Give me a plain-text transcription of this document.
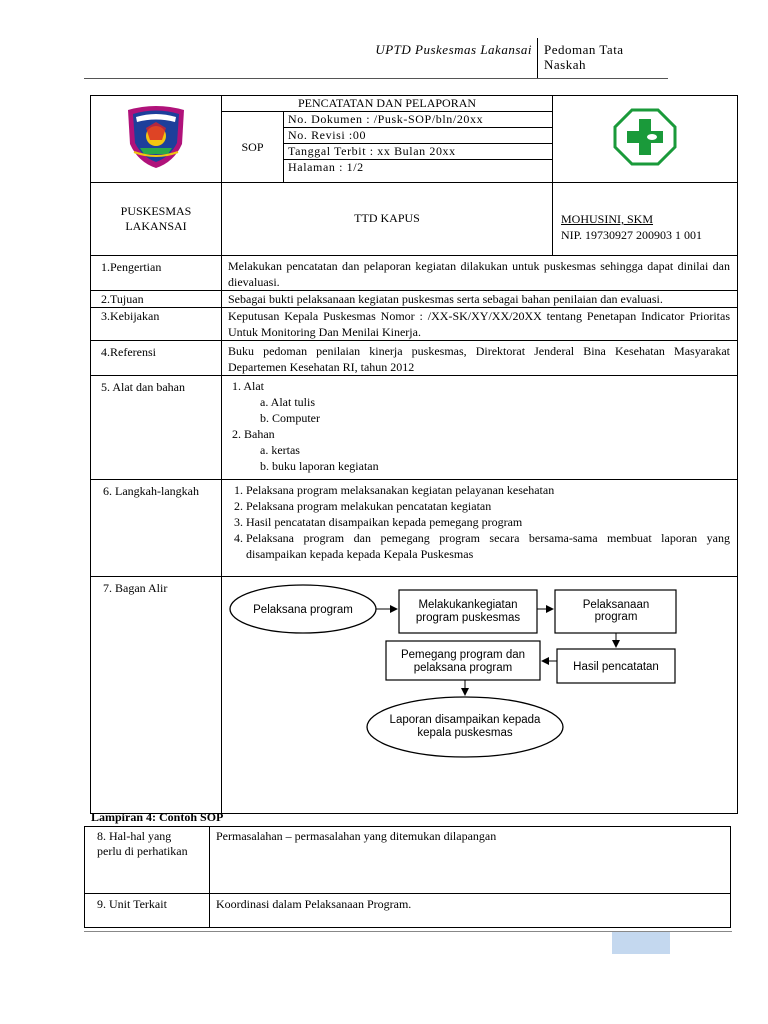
UPTD Puskesmas Lakansai Pedoman Tata
Naskah

PENCATATAN DAN PELAPORAN
SOP	No. Dokumen : /Pusk-SOP/bln/20xx
No. Revisi :00
Tanggal Terbit : xx Bulan 20xx
Halaman : 1/2

PUSKESMAS
LAKANSAI
	TTD KAPUS	MOHUSINI, SKM
NIP. 19730927 200903 1 001

1.Pengertian	Melakukan pencatatan dan pelaporan kegiatan dilakukan untuk puskesmas sehingga dapat dinilai dan dievaluasi.
2.Tujuan	Sebagai bukti pelaksanaan kegiatan puskesmas serta sebagai bahan penilaian dan evaluasi.
3.Kebijakan	Keputusan Kepala Puskesmas Nomor : /XX-SK/XY/XX/20XX tentang Penetapan Indicator Prioritas Untuk Monitoring Dan Menilai Kinerja.
4.Referensi	Buku pedoman penilaian kinerja puskesmas, Direktorat Jenderal Bina Kesehatan Masyarakat Departemen Kesehatan RI, tahun 2012
5. Alat dan bahan	1. Alat
a. Alat tulis
b. Computer
2. Bahan
a. kertas
b. buku laporan kegiatan

6. Langkah-langkah	
1.Pelaksana program melaksanakan kegiatan pelayanan kesehatan
2. Pelaksana program melakukan pencatatan kegiatan
3. Hasil pencatatan disampaikan kepada pemegang program
4. Pelaksana program dan pemegang program secara bersama-sama membuat laporan yang disampaikan kepada kepada Kepala Puskesmas

7. Bagan Alir	
Pelaksana program	Melakukankegiatan
program puskesmas
Pelaksanaan
program
Hasil pencatatan
Pemegang program dan
pelaksana program
Laporan disampaikan kepada
kepala puskesmas
Lampiran 4: Contoh SOP
8. Hal-hal yang perlu di perhatikan	Permasalahan – permasalahan yang ditemukan dilapangan
9. Unit Terkait	Koordinasi dalam Pelaksanaan Program.
